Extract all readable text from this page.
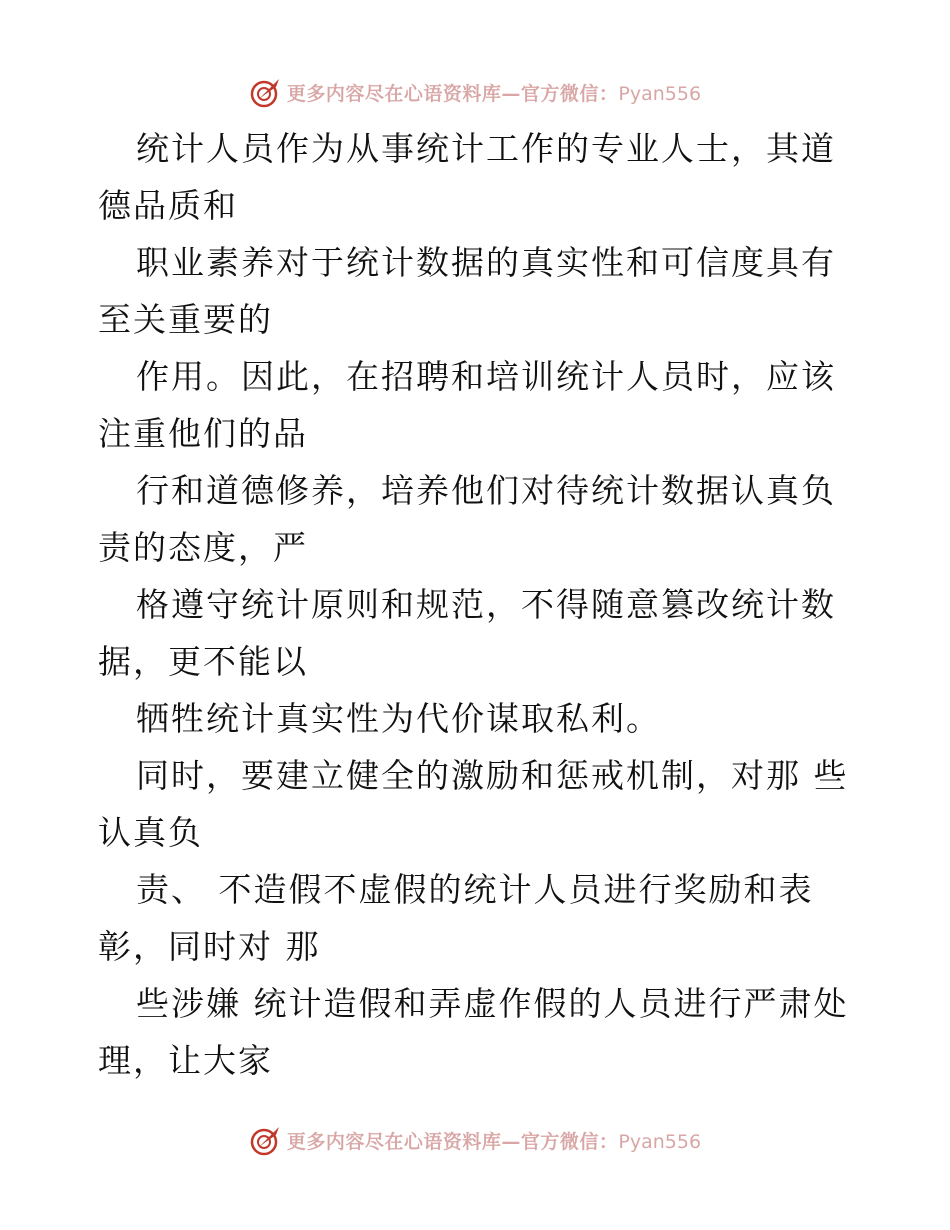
更多内容尽在心语资料库—官方微信：Pyan556

统计人员作为从事统计工作的专业人士，其道德品质和

职业素养对于统计数据的真实性和可信度具有至关重要的

作用。因此，在招聘和培训统计人员时，应该注重他们的品

行和道德修养，培养他们对待统计数据认真负责的态度，严

格遵守统计原则和规范，不得随意篡改统计数据，更不能以

牺牲统计真实性为代价谋取私利。

同时，要建立健全的激励和惩戒机制，对那 些认真负

责、 不造假不虚假的统计人员进行奖励和表彰，同时对 那

些涉嫌 统计造假和弄虚作假的人员进行严肃处理，让大家

更多内容尽在心语资料库—官方微信：Pyan556
